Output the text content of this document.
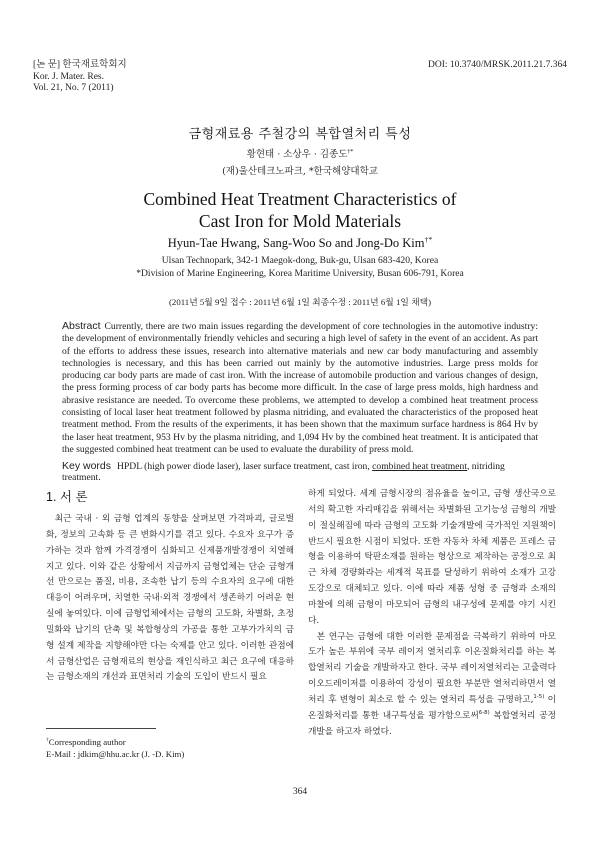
[논 문] 한국재료학회지
Kor. J. Mater. Res.
Vol. 21, No. 7 (2011)
DOI: 10.3740/MRSK.2011.21.7.364
금형재료용 주철강의 복합열처리 특성
황현태 · 소상우 · 김종도†*
(재)울산테크노파크, *한국해양대학교
Combined Heat Treatment Characteristics of
Cast Iron for Mold Materials
Hyun-Tae Hwang, Sang-Woo So and Jong-Do Kim†*
Ulsan Technopark, 342-1 Maegok-dong, Buk-gu, Ulsan 683-420, Korea
*Division of Marine Engineering, Korea Maritime University, Busan 606-791, Korea
(2011년 5월 9일 접수 : 2011년 6월 1일 최종수정 : 2011년 6월 1일 채택)
Abstract Currently, there are two main issues regarding the development of core technologies in the automotive industry: the development of environmentally friendly vehicles and securing a high level of safety in the event of an accident. As part of the efforts to address these issues, research into alternative materials and new car body manufacturing and assembly technologies is necessary, and this has been carried out mainly by the automotive industries. Large press molds for producing car body parts are made of cast iron. With the increase of automobile production and various changes of design, the press forming process of car body parts has become more difficult. In the case of large press molds, high hardness and abrasive resistance are needed. To overcome these problems, we attempted to develop a combined heat treatment process consisting of local laser heat treatment followed by plasma nitriding, and evaluated the characteristics of the proposed heat treatment method. From the results of the experiments, it has been shown that the maximum surface hardness is 864 Hv by the laser heat treatment, 953 Hv by the plasma nitriding, and 1,094 Hv by the combined heat treatment. It is anticipated that the suggested combined heat treatment can be used to evaluate the durability of press mold.
Key words HPDL (high power diode laser), laser surface treatment, cast iron, combined heat treatment, nitriding treatment.
1. 서 론

최근 국내 · 외 금형 업계의 동향을 살펴보면 가격파괴, 글로벌화, 정보의 고속화 등 큰 변화시기를 겪고 있다. 수요자 요구가 증가하는 것과 함께 가격경쟁이 심화되고 신제품개발경쟁이 치열해지고 있다. 이와 같은 상황에서 지금까지 금형업체는 단순 금형개선 만으로는 품질, 비용, 조속한 납기 등의 수요자의 요구에 대한 대응이 어려우며, 치열한 국내·외적 경쟁에서 생존하기 어려운 현실에 놓여있다. 이에 금형업체에서는 금형의 고도화, 차별화, 초정밀화와 납기의 단축 및 복합형상의 가공을 통한 고부가가치의 금형 설계 제작을 지향해야만 다는 숙제를 안고 있다. 이러한 관점에서 금형산업은 금형재료의 현상을 재인식하고 최근 요구에 대응하는 금형소재의 개선과 표면처리 기술의 도입이 반드시 필요

하게 되었다. 세계 금형시장의 점유율을 높이고, 금형 생산국으로서의 확고한 자리매김을 위해서는 차별화된 고기능성 금형의 개발이 절실해짐에 따라 금형의 고도화 기술개발에 국가적인 지원책이 반드시 필요한 시점이 되었다. 또한 자동차 차체 제품은 프레스 금형을 이용하여 탁판소재를 원하는 형상으로 제작하는 공정으로 최근 차체 경량화라는 세계적 목표를 달성하기 위하여 소재가 고강도강으로 대체되고 있다. 이에 따라 제품 성형 중 금형과 소재의 마찰에 의해 금형이 마모되어 금형의 내구성에 문제를 야기 시킨다.

본 연구는 금형에 대한 이러한 문제점을 극복하기 위하여 마모도가 높은 부위에 국부 레이저 열처리후 이온질화처리를 하는 복합열처리 기술을 개발하자고 한다. 국부 레이저열처리는 고출력다이오드레이저를 이용하여 강성이 필요한 부분만 열처리하면서 열처리 후 변형이 최소로 할 수 있는 열처리 특성을 규명하고,$^{1-5)}$ 이온질화처리를 통한 내구특성을 평가함으로써$^{6-8)}$ 복합열처리 공정개발을 하고자 하였다.

†Corresponding author
E-Mail : jdkim@hhu.ac.kr (J. -D. Kim)
364
